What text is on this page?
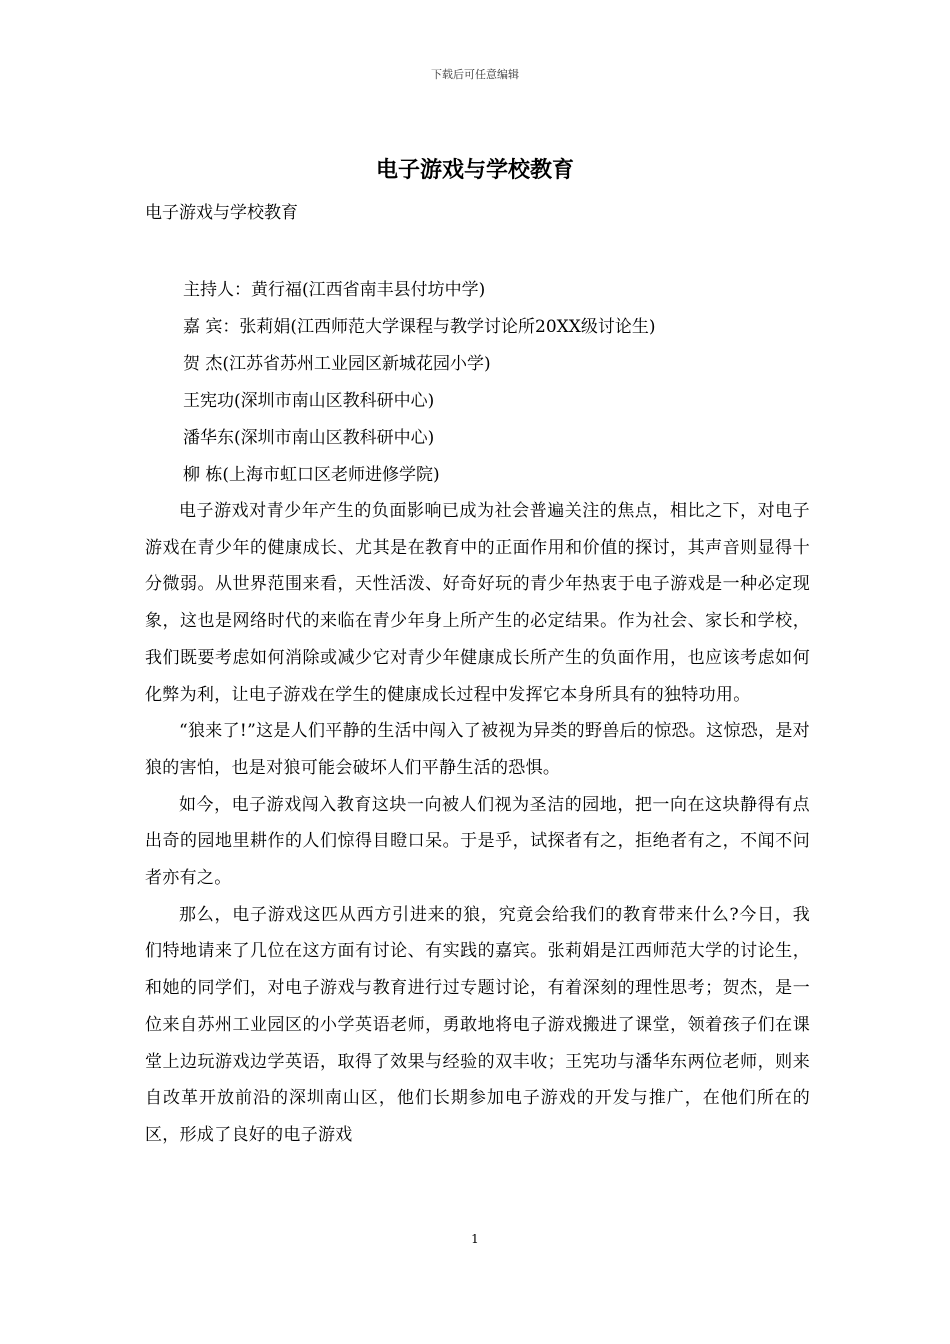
下载后可任意编辑
电子游戏与学校教育
电子游戏与学校教育
主持人：黄行福(江西省南丰县付坊中学)
嘉 宾：张莉娟(江西师范大学课程与教学讨论所20XX级讨论生)
贺 杰(江苏省苏州工业园区新城花园小学)
王宪功(深圳市南山区教科研中心)
潘华东(深圳市南山区教科研中心)
柳 栋(上海市虹口区老师进修学院)

电子游戏对青少年产生的负面影响已成为社会普遍关注的焦点，相比之下，对电子游戏在青少年的健康成长、尤其是在教育中的正面作用和价值的探讨，其声音则显得十分微弱。从世界范围来看，天性活泼、好奇好玩的青少年热衷于电子游戏是一种必定现象，这也是网络时代的来临在青少年身上所产生的必定结果。作为社会、家长和学校，我们既要考虑如何消除或减少它对青少年健康成长所产生的负面作用，也应该考虑如何化弊为利，让电子游戏在学生的健康成长过程中发挥它本身所具有的独特功用。

“狼来了!”这是人们平静的生活中闯入了被视为异类的野兽后的惊恐。这惊恐，是对狼的害怕，也是对狼可能会破坏人们平静生活的恐惧。

如今，电子游戏闯入教育这块一向被人们视为圣洁的园地，把一向在这块静得有点出奇的园地里耕作的人们惊得目瞪口呆。于是乎，试探者有之，拒绝者有之，不闻不问者亦有之。

那么，电子游戏这匹从西方引进来的狼，究竟会给我们的教育带来什么?今日，我们特地请来了几位在这方面有讨论、有实践的嘉宾。张莉娟是江西师范大学的讨论生，和她的同学们，对电子游戏与教育进行过专题讨论，有着深刻的理性思考；贺杰，是一位来自苏州工业园区的小学英语老师，勇敢地将电子游戏搬进了课堂，领着孩子们在课堂上边玩游戏边学英语，取得了效果与经验的双丰收；王宪功与潘华东两位老师，则来自改革开放前沿的深圳南山区，他们长期参加电子游戏的开发与推广，在他们所在的区，形成了良好的电子游戏

1
